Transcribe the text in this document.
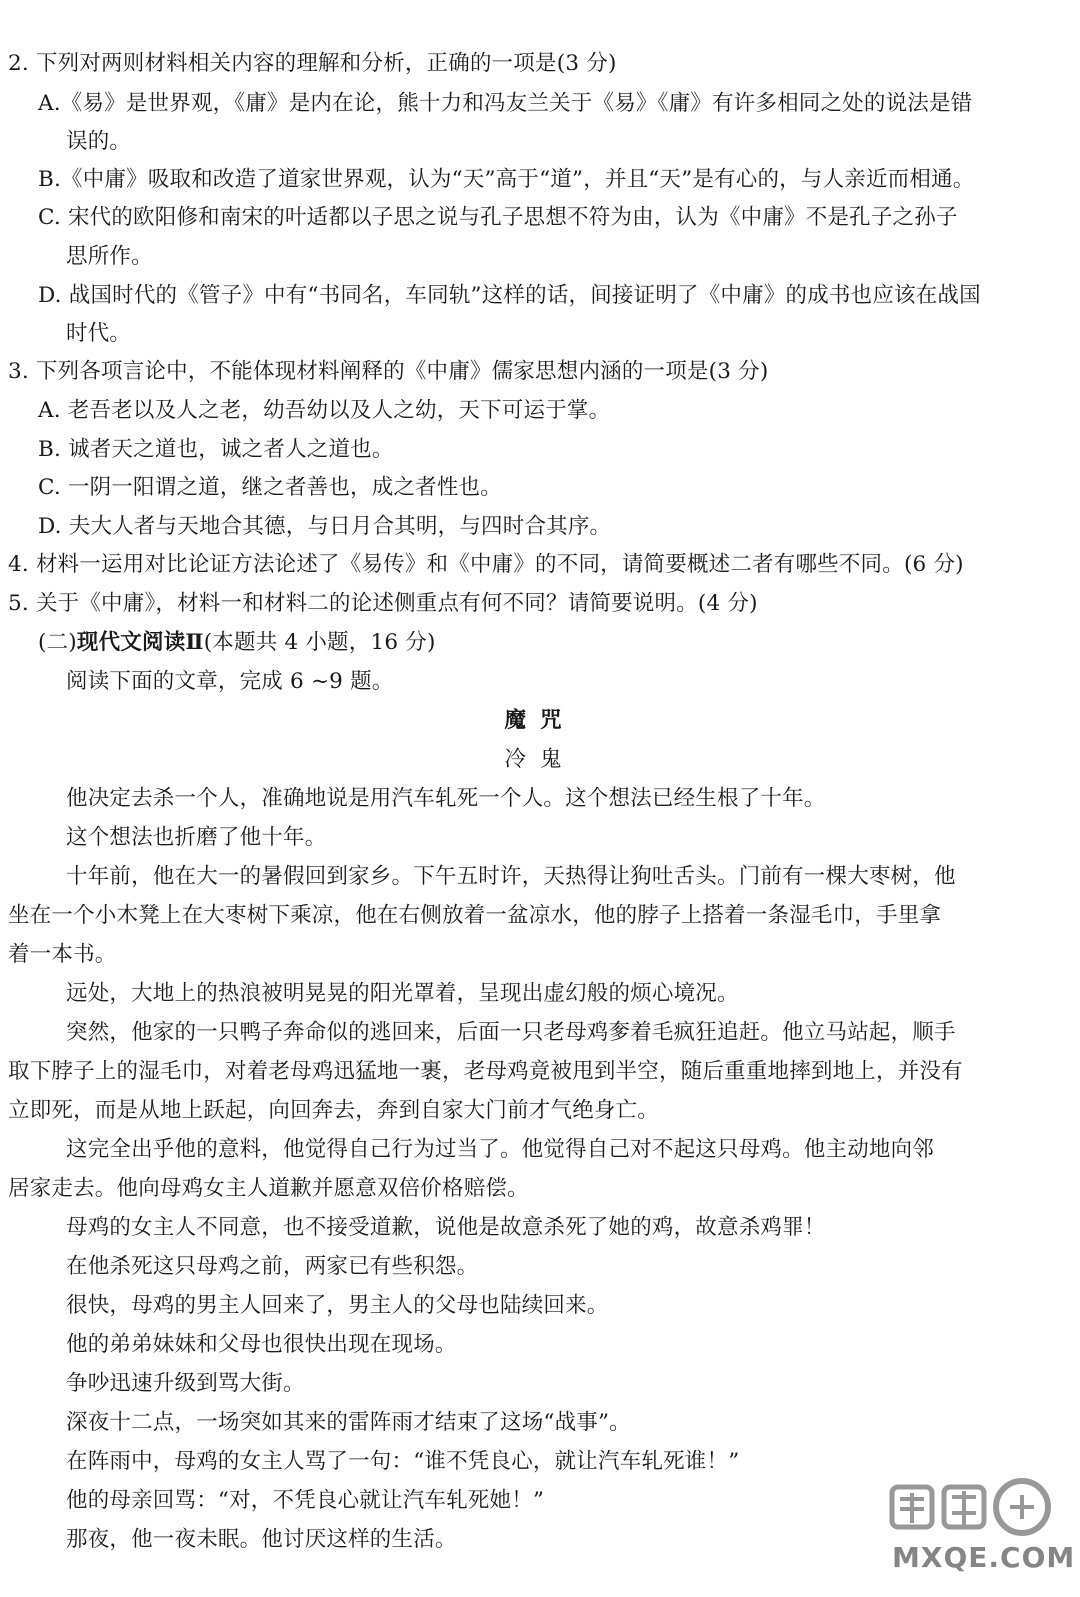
2. 下列对两则材料相关内容的理解和分析，正确的一项是(3 分)
A.《易》是世界观，《庸》是内在论，熊十力和冯友兰关于《易》《庸》有许多相同之处的说法是错
误的。
B.《中庸》吸取和改造了道家世界观，认为“天”高于“道”，并且“天”是有心的，与人亲近而相通。
C. 宋代的欧阳修和南宋的叶适都以子思之说与孔子思想不符为由，认为《中庸》不是孔子之孙子
思所作。
D. 战国时代的《管子》中有“书同名，车同轨”这样的话，间接证明了《中庸》的成书也应该在战国
时代。
3. 下列各项言论中，不能体现材料阐释的《中庸》儒家思想内涵的一项是(3 分)
A. 老吾老以及人之老，幼吾幼以及人之幼，天下可运于掌。
B. 诚者天之道也，诚之者人之道也。
C. 一阴一阳谓之道，继之者善也，成之者性也。
D. 夫大人者与天地合其德，与日月合其明，与四时合其序。
4. 材料一运用对比论证方法论述了《易传》和《中庸》的不同，请简要概述二者有哪些不同。(6 分)
5. 关于《中庸》，材料一和材料二的论述侧重点有何不同？请简要说明。(4 分)
(二)现代文阅读Ⅱ(本题共 4 小题，16 分)
阅读下面的文章，完成 6 ~9 题。
魔咒
冷鬼
他决定去杀一个人，准确地说是用汽车轧死一个人。这个想法已经生根了十年。
这个想法也折磨了他十年。
十年前，他在大一的暑假回到家乡。下午五时许，天热得让狗吐舌头。门前有一棵大枣树，他
坐在一个小木凳上在大枣树下乘凉，他在右侧放着一盆凉水，他的脖子上搭着一条湿毛巾，手里拿
着一本书。
远处，大地上的热浪被明晃晃的阳光罩着，呈现出虚幻般的烦心境况。
突然，他家的一只鸭子奔命似的逃回来，后面一只老母鸡奓着毛疯狂追赶。他立马站起，顺手
取下脖子上的湿毛巾，对着老母鸡迅猛地一裹，老母鸡竟被甩到半空，随后重重地摔到地上，并没有
立即死，而是从地上跃起，向回奔去，奔到自家大门前才气绝身亡。
这完全出乎他的意料，他觉得自己行为过当了。他觉得自己对不起这只母鸡。他主动地向邻
居家走去。他向母鸡女主人道歉并愿意双倍价格赔偿。
母鸡的女主人不同意，也不接受道歉，说他是故意杀死了她的鸡，故意杀鸡罪！
在他杀死这只母鸡之前，两家已有些积怨。
很快，母鸡的男主人回来了，男主人的父母也陆续回来。
他的弟弟妹妹和父母也很快出现在现场。
争吵迅速升级到骂大街。
深夜十二点，一场突如其来的雷阵雨才结束了这场“战事”。
在阵雨中，母鸡的女主人骂了一句：“谁不凭良心，就让汽车轧死谁！”
他的母亲回骂：“对，不凭良心就让汽车轧死她！”
那夜，他一夜未眠。他讨厌这样的生活。
MXQE.COM
